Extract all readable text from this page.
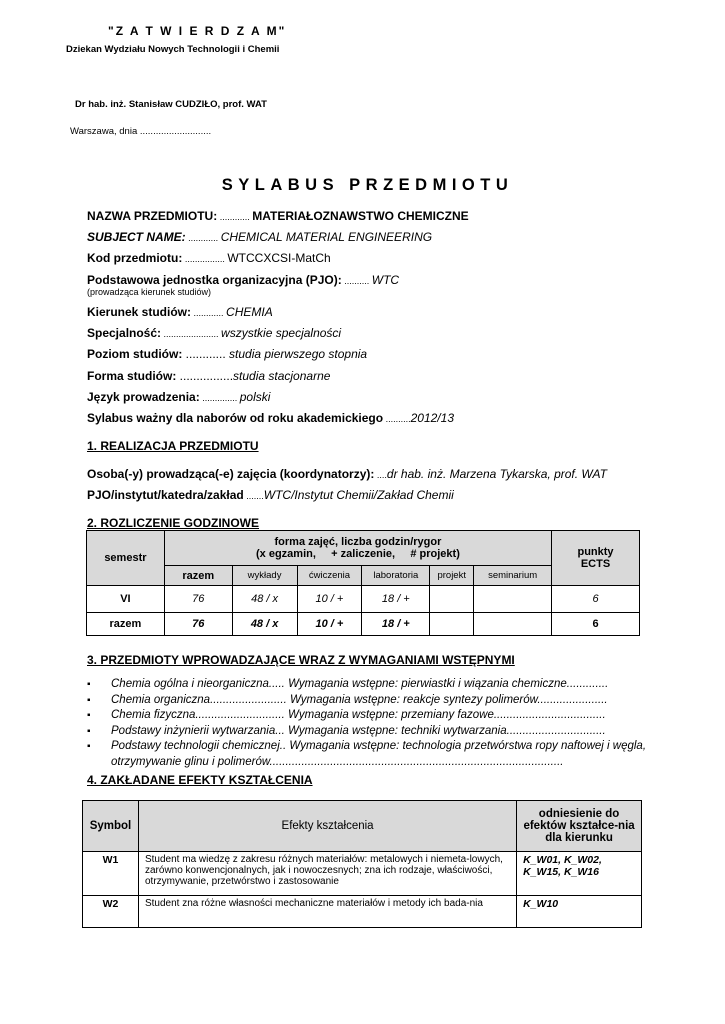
"Z A T W I E R D Z A M"
Dziekan Wydziału Nowych Technologii i Chemii
Dr hab. inż. Stanisław CUDZIŁO, prof. WAT
Warszawa, dnia ...........................
SYLABUS PRZEDMIOTU
NAZWA PRZEDMIOTU: ............ MATERIAŁOZNAWSTWO CHEMICZNE
SUBJECT NAME: ............ CHEMICAL MATERIAL ENGINEERING
Kod przedmiotu: ................ WTCCXCSI-MatCh
Podstawowa jednostka organizacyjna (PJO): .......... WTC
(prowadząca kierunek studiów)
Kierunek studiów: ............ CHEMIA
Specjalność: ...................... wszystkie specjalności
Poziom studiów: ............ studia pierwszego stopnia
Forma studiów: ................studia stacjonarne
Język prowadzenia: .............. polski
Sylabus ważny dla naborów od roku akademickiego ..........2012/13
1. REALIZACJA PRZEDMIOTU
Osoba(-y) prowadząca(-e) zajęcia (koordynatorzy): ....dr hab. inż. Marzena Tykarska, prof. WAT
PJO/instytut/katedra/zakład .......WTC/Instytut Chemii/Zakład Chemii
2. ROZLICZENIE GODZINOWE
semestr	forma zajęć, liczba godzin/rygor
(x egzamin,     + zaliczenie,     # projekt)						punkty ECTS
	razem	wykłady	ćwiczenia	laboratoria	projekt	seminarium	
VI	76	48 / x	10 / +	18 / +			6
razem	76	48 / x	10 / +	18 / +			6
3. PRZEDMIOTY WPROWADZAJĄCE WRAZ Z WYMAGANIAMI WSTĘPNYMI
▪ Chemia ogólna i nieorganiczna..... Wymagania wstępne: pierwiastki i wiązania chemiczne.............
▪ Chemia organiczna........................ Wymagania wstępne: reakcje syntezy polimerów......................
▪ Chemia fizyczna............................ Wymagania wstępne: przemiany fazowe...................................
▪ Podstawy inżynierii wytwarzania... Wymagania wstępne: techniki wytwarzania...............................
▪ Podstawy technologii chemicznej.. Wymagania wstępne: technologia przetwórstwa ropy naftowej i węgla, otrzymywanie glinu i polimerów............................................................................................
4. ZAKŁADANE EFEKTY KSZTAŁCENIA
Symbol	Efekty kształcenia	odniesienie do efektów kształce-nia dla kierunku
W1	Student ma wiedzę z zakresu różnych materiałów: metalowych i niemeta-lowych, zarówno konwencjonalnych, jak i nowoczesnych; zna ich rodzaje, właściwości, otrzymywanie, przetwórstwo i zastosowanie	K_W01, K_W02, K_W15, K_W16
W2	Student zna różne własności mechaniczne materiałów i metody ich bada-nia	K_W10
